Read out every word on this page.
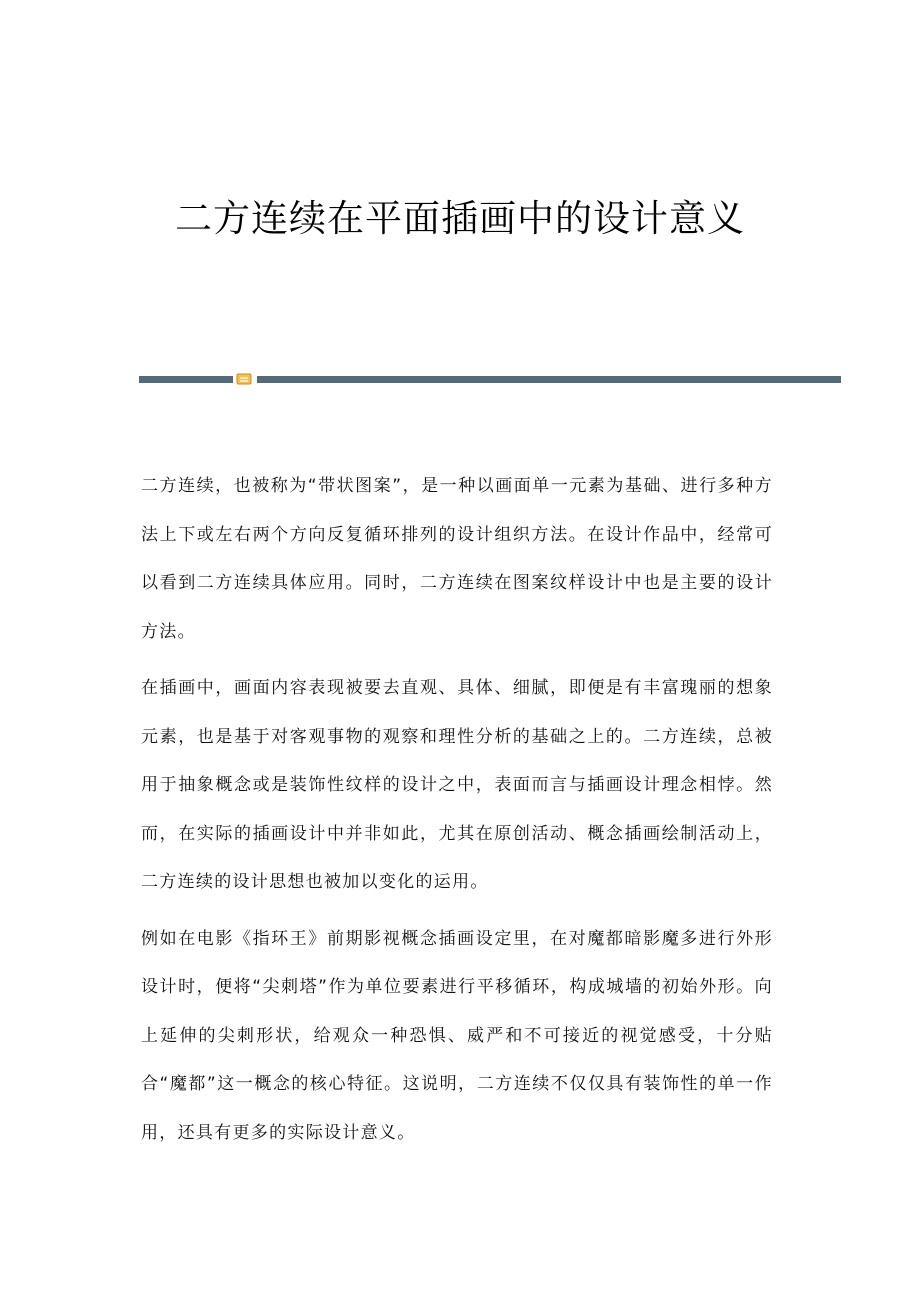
二方连续在平面插画中的设计意义

二方连续，也被称为“带状图案”，是一种以画面单一元素为基础、进行多种方法上下或左右两个方向反复循环排列的设计组织方法。在设计作品中，经常可以看到二方连续具体应用。同时，二方连续在图案纹样设计中也是主要的设计方法。

在插画中，画面内容表现被要去直观、具体、细腻，即便是有丰富瑰丽的想象元素，也是基于对客观事物的观察和理性分析的基础之上的。二方连续，总被用于抽象概念或是装饰性纹样的设计之中，表面而言与插画设计理念相悖。然而，在实际的插画设计中并非如此，尤其在原创活动、概念插画绘制活动上，二方连续的设计思想也被加以变化的运用。

例如在电影《指环王》前期影视概念插画设定里，在对魔都暗影魔多进行外形设计时，便将“尖刺塔”作为单位要素进行平移循环，构成城墙的初始外形。向上延伸的尖刺形状，给观众一种恐惧、威严和不可接近的视觉感受，十分贴合“魔都”这一概念的核心特征。这说明，二方连续不仅仅具有装饰性的单一作用，还具有更多的实际设计意义。
